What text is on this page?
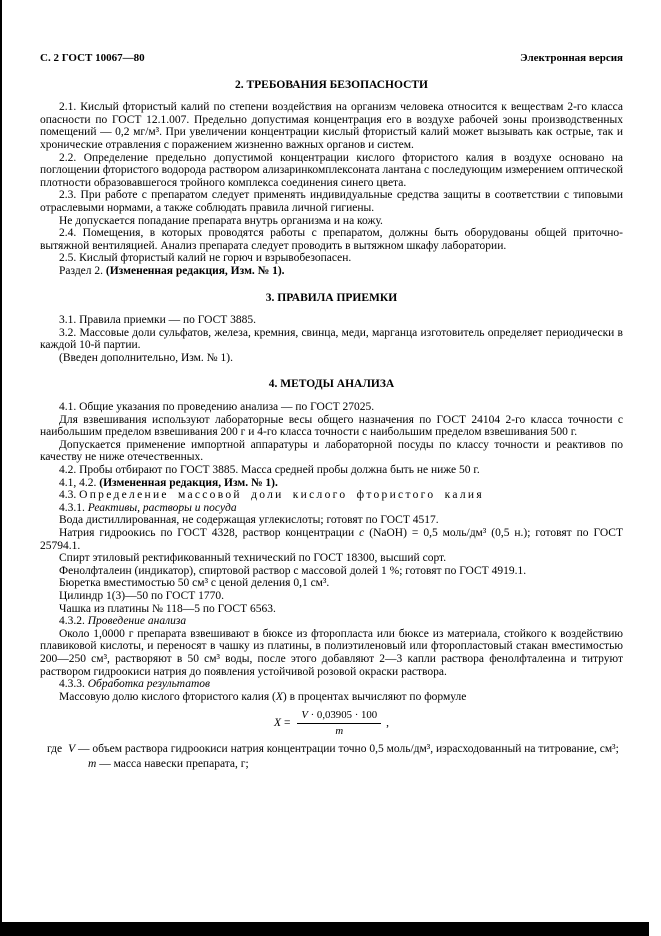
С. 2 ГОСТ 10067—80	Электронная версия
2. ТРЕБОВАНИЯ БЕЗОПАСНОСТИ

2.1. Кислый фтористый калий по степени воздействия на организм человека относится к веществам 2-го класса опасности по ГОСТ 12.1.007. Предельно допустимая концентрация его в воздухе рабочей зоны производственных помещений — 0,2 мг/м³. При увеличении концентрации кислый фтористый калий может вызывать как острые, так и хронические отравления с поражением жизненно важных органов и систем.

2.2. Определение предельно допустимой концентрации кислого фтористого калия в воздухе основано на поглощении фтористого водорода раствором ализаринкомплексоната лантана с последующим измерением оптической плотности образовавшегося тройного комплекса соединения синего цвета.

2.3. При работе с препаратом следует применять индивидуальные средства защиты в соответствии с типовыми отраслевыми нормами, а также соблюдать правила личной гигиены.

Не допускается попадание препарата внутрь организма и на кожу.

2.4. Помещения, в которых проводятся работы с препаратом, должны быть оборудованы общей приточно-вытяжной вентиляцией. Анализ препарата следует проводить в вытяжном шкафу лаборатории.

2.5. Кислый фтористый калий не горюч и взрывобезопасен.

Раздел 2. (Измененная редакция, Изм. № 1).

3. ПРАВИЛА ПРИЕМКИ

3.1. Правила приемки — по ГОСТ 3885.

3.2. Массовые доли сульфатов, железа, кремния, свинца, меди, марганца изготовитель определяет периодически в каждой 10-й партии.

(Введен дополнительно, Изм. № 1).

4. МЕТОДЫ АНАЛИЗА

4.1. Общие указания по проведению анализа — по ГОСТ 27025.

Для взвешивания используют лабораторные весы общего назначения по ГОСТ 24104 2-го класса точности с наибольшим пределом взвешивания 200 г и 4-го класса точности с наибольшим пределом взвешивания 500 г.

Допускается применение импортной аппаратуры и лабораторной посуды по классу точности и реактивов по качеству не ниже отечественных.

4.2. Пробы отбирают по ГОСТ 3885. Масса средней пробы должна быть не ниже 50 г.

4.1, 4.2. (Измененная редакция, Изм. № 1).

4.3. Определение массовой доли кислого фтористого калия

4.3.1. Реактивы, растворы и посуда

Вода дистиллированная, не содержащая углекислоты; готовят по ГОСТ 4517.

Натрия гидроокись по ГОСТ 4328, раствор концентрации с (NaOH) = 0,5 моль/дм³ (0,5 н.); готовят по ГОСТ 25794.1.

Спирт этиловый ректификованный технический по ГОСТ 18300, высший сорт.

Фенолфталеин (индикатор), спиртовой раствор с массовой долей 1 %; готовят по ГОСТ 4919.1.

Бюретка вместимостью 50 см³ с ценой деления 0,1 см³.

Цилиндр 1(3)—50 по ГОСТ 1770.

Чашка из платины № 118—5 по ГОСТ 6563.

4.3.2. Проведение анализа

Около 1,0000 г препарата взвешивают в бюксе из фторопласта или бюксе из материала, стойкого к воздействию плавиковой кислоты, и переносят в чашку из платины, в полиэтиленовый или фторопластовый стакан вместимостью 200—250 см³, растворяют в 50 см³ воды, после этого добавляют 2—3 капли раствора фенолфталеина и титруют раствором гидроокиси натрия до появления устойчивой розовой окраски раствора.

4.3.3. Обработка результатов

Массовую долю кислого фтористого калия (X) в процентах вычисляют по формуле

$X = \frac{V \cdot 0,03905 \cdot 100}{m}$ ,

где V — объем раствора гидроокиси натрия концентрации точно 0,5 моль/дм³, израсходованный на титрование, см³;

m — масса навески препарата, г;
